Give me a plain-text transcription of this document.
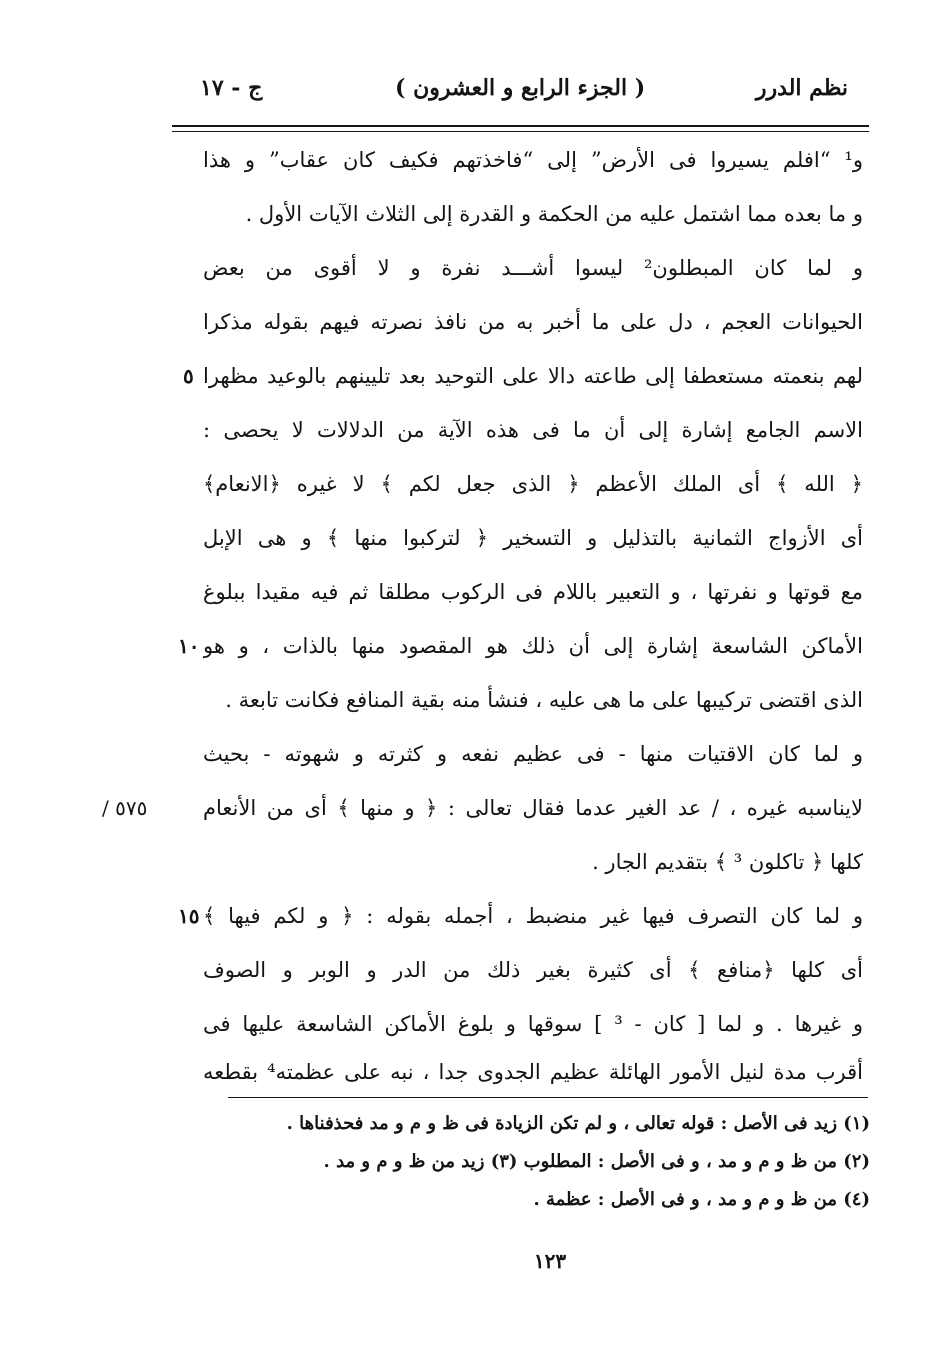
نظم الدرر
( الجزء الرابع و العشرون )
ج - ١٧
و¹ “افلم يسيروا فى الأرض” إلى “فاخذتهم فكيف كان عقاب” و هذا
و ما بعده مما اشتمل عليه من الحكمة و القدرة إلى الثلاث الآيات الأول .
و لما كان المبطلون² ليسوا أشـــد نفرة و لا أقوى من بعض
الحيوانات العجم ، دل على ما أخبر به من نافذ نصرته فيهم بقوله مذكرا
لهم بنعمته مستعطفا إلى طاعته دالا على التوحيد بعد تليينهم بالوعيد مظهرا
الاسم الجامع إشارة إلى أن ما فى هذه الآية من الدلالات لا يحصى :
﴿ الله ﴾ أى الملك الأعظم ﴿ الذى جعل لكم ﴾ لا غيره ﴿الانعام﴾
أى الأزواج الثمانية بالتذليل و التسخير ﴿ لتركبوا منها ﴾ و هى الإبل
مع قوتها و نفرتها ، و التعبير باللام فى الركوب مطلقا ثم فيه مقيدا ببلوغ
الأماكن الشاسعة إشارة إلى أن ذلك هو المقصود منها بالذات ، و هو
الذى اقتضى تركيبها على ما هى عليه ، فنشأ منه بقية المنافع فكانت تابعة .
و لما كان الاقتيات منها - فى عظيم نفعه و كثرته و شهوته - بحيث
لايناسبه غيره ، / عد الغير عدما فقال تعالى : ﴿ و منها ﴾ أى من الأنعام
كلها ﴿ تاكلون ³ ﴾ بتقديم الجار .
و لما كان التصرف فيها غير منضبط ، أجمله بقوله : ﴿ و لكم فيها ﴾
أى كلها ﴿منافع ﴾ أى كثيرة بغير ذلك من الدر و الوبر و الصوف
و غيرها . و لما [ كان - ³ ] سوقها و بلوغ الأماكن الشاسعة عليها فى
أقرب مدة لنيل الأمور الهائلة عظيم الجدوى جدا ، نبه على عظمته⁴ بقطعه
٥
١٠
١٥
/ ٥٧٥
(١) زيد فى الأصل : قوله تعالى ، و لم تكن الزيادة فى ظ و م و مد فحذفناها .
(٢) من ظ و م و مد ، و فى الأصل : المطلوب (٣) زيد من ظ و م و مد .
(٤) من ظ و م و مد ، و فى الأصل : عظمة .
١٢٣
